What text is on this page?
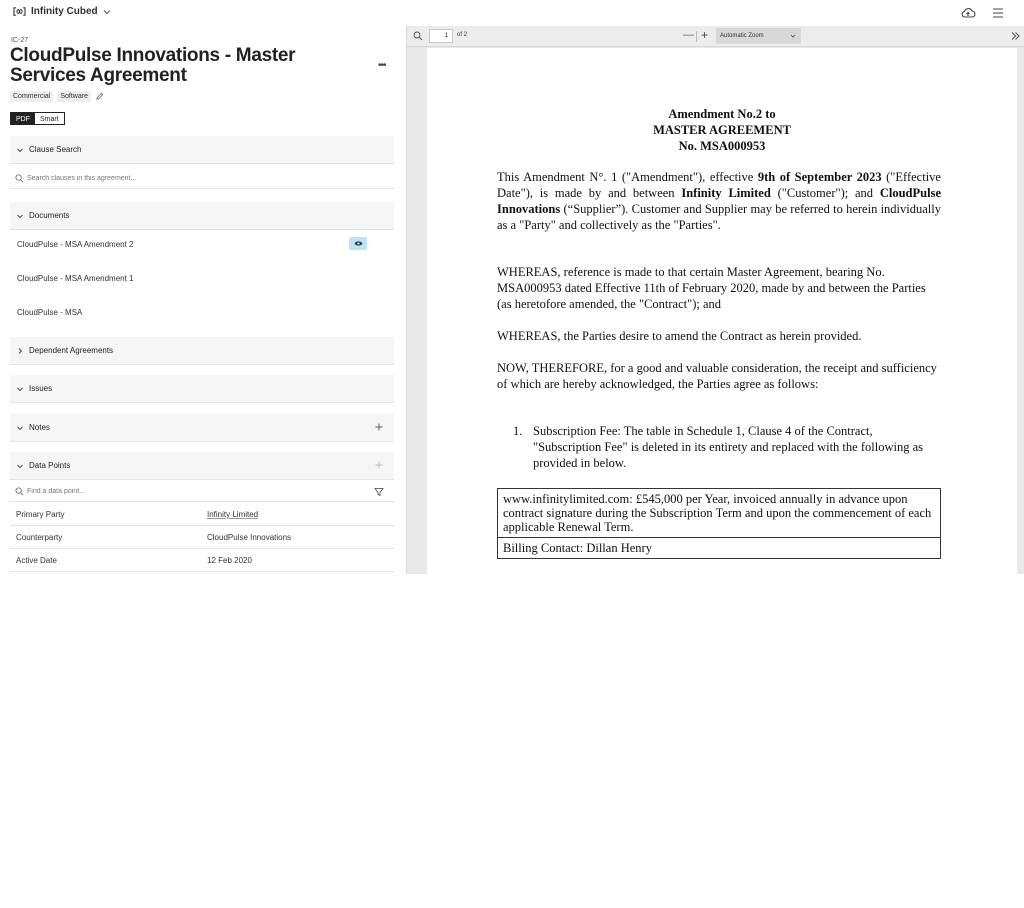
Infinity Cubed
IC-27
CloudPulse Innovations - Master Services Agreement	•••
Commercial	Software
PDF	Smart
Clause Search
Search clauses in this agreement...
Documents
CloudPulse - MSA Amendment 2
CloudPulse - MSA Amendment 1
CloudPulse - MSA
Dependent Agreements
Issues
Notes
Data Points
Find a data point...
Primary Party	Infinity Limited
Counterparty	CloudPulse Innovations
Active Date	12 Feb 2020
1	of 2	— +	Automatic Zoom
Amendment No.2 to
MASTER AGREEMENT
No. MSA000953
This Amendment N°. 1 ("Amendment"), effective 9th of September 2023 ("Effective Date"), is made by and between Infinity Limited ("Customer"); and CloudPulse Innovations (“Supplier”). Customer and Supplier may be referred to herein individually as a "Party" and collectively as the "Parties".
WHEREAS, reference is made to that certain Master Agreement, bearing No. MSA000953 dated Effective 11th of February 2020, made by and between the Parties (as heretofore amended, the "Contract"); and
WHEREAS, the Parties desire to amend the Contract as herein provided.
NOW, THEREFORE, for a good and valuable consideration, the receipt and sufficiency of which are hereby acknowledged, the Parties agree as follows:
1. Subscription Fee: The table in Schedule 1, Clause 4 of the Contract, "Subscription Fee" is deleted in its entirety and replaced with the following as provided in below.
www.infinitylimited.com: £545,000 per Year, invoiced annually in advance upon contract signature during the Subscription Term and upon the commencement of each applicable Renewal Term.
Billing Contact: Dillan Henry
